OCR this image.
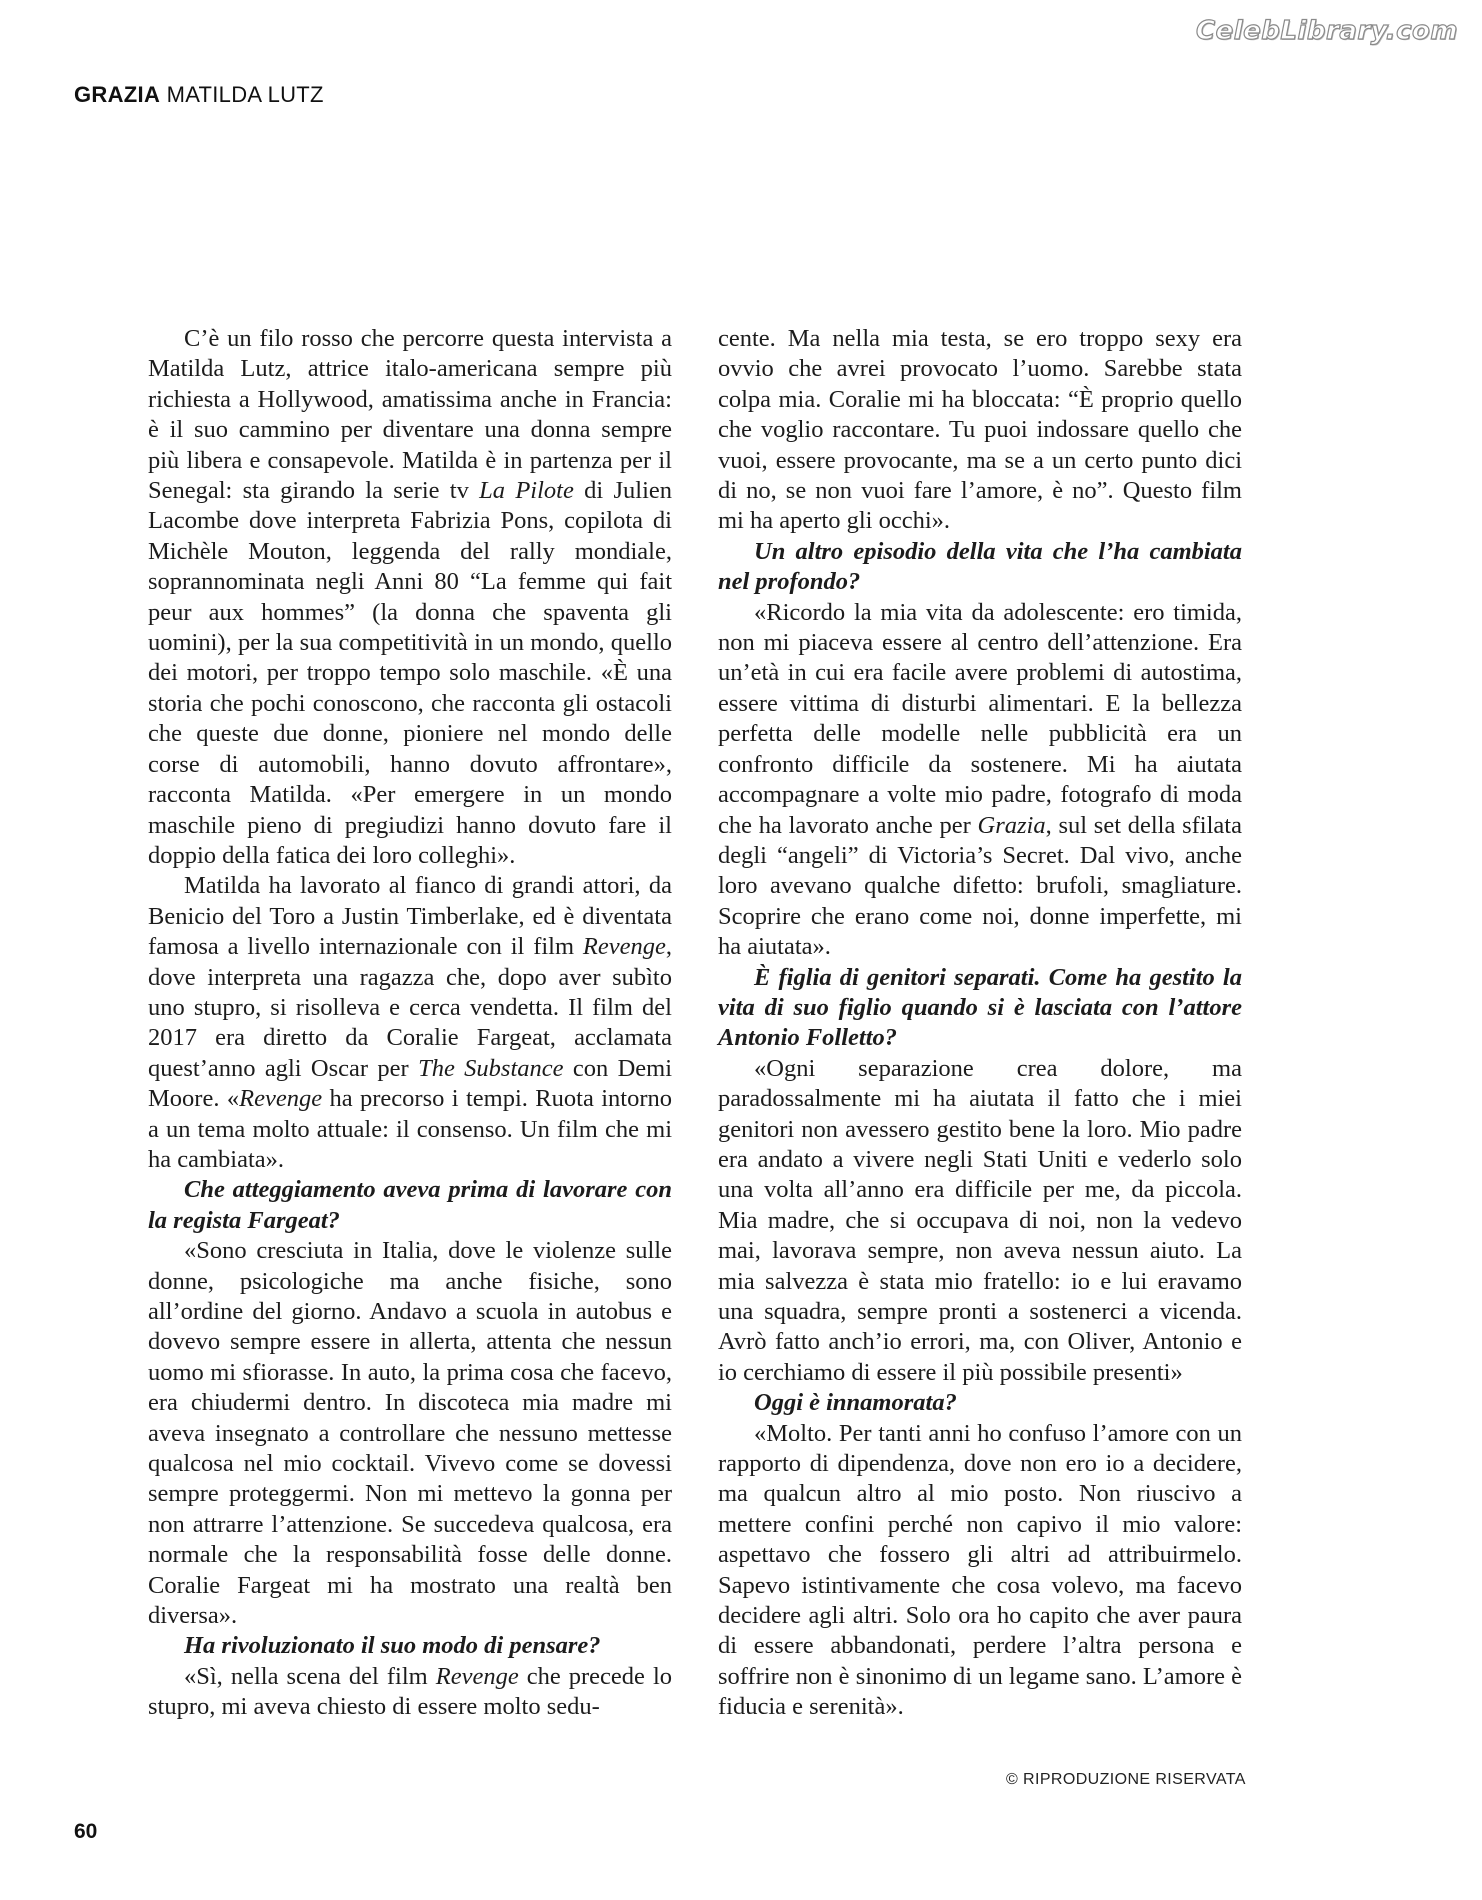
CelebLibrary.com
GRAZIA MATILDA LUTZ

C’è un filo rosso che percorre questa intervista a Matilda Lutz, attrice italo-americana sempre più richiesta a Hollywood, amatissima anche in Francia: è il suo cammino per diventare una donna sempre più libera e consapevole. Matilda è in partenza per il Senegal: sta girando la serie tv La Pilote di Julien Lacombe dove interpreta Fabrizia Pons, copilota di Michèle Mouton, leggenda del rally mondiale, soprannominata negli Anni 80 “La femme qui fait peur aux hommes” (la donna che spaventa gli uomini), per la sua competitività in un mondo, quello dei motori, per troppo tempo solo maschile. «È una storia che pochi conoscono, che racconta gli ostacoli che queste due donne, pioniere nel mondo delle corse di automobili, hanno dovuto affrontare», racconta Matilda. «Per emergere in un mondo maschile pieno di pregiudizi hanno dovuto fare il doppio della fatica dei loro colleghi».

Matilda ha lavorato al fianco di grandi attori, da Benicio del Toro a Justin Timberlake, ed è diventata famosa a livello internazionale con il film Revenge, dove interpreta una ragazza che, dopo aver subìto uno stupro, si risolleva e cerca vendetta. Il film del 2017 era diretto da Coralie Fargeat, acclamata quest’anno agli Oscar per The Substance con Demi Moore. «Revenge ha precorso i tempi. Ruota intorno a un tema molto attuale: il consenso. Un film che mi ha cambiata».

Che atteggiamento aveva prima di lavorare con la regista Fargeat?

«Sono cresciuta in Italia, dove le violenze sulle donne, psicologiche ma anche fisiche, sono all’ordine del giorno. Andavo a scuola in autobus e dovevo sempre essere in allerta, attenta che nessun uomo mi sfiorasse. In auto, la prima cosa che facevo, era chiudermi dentro. In discoteca mia madre mi aveva insegnato a controllare che nessuno mettesse qualcosa nel mio cocktail. Vivevo come se dovessi sempre proteggermi. Non mi mettevo la gonna per non attrarre l’attenzione. Se succedeva qualcosa, era normale che la responsabilità fosse delle donne. Coralie Fargeat mi ha mostrato una realtà ben diversa».

Ha rivoluzionato il suo modo di pensare?

«Sì, nella scena del film Revenge che precede lo stupro, mi aveva chiesto di essere molto sedu-

cente. Ma nella mia testa, se ero troppo sexy era ovvio che avrei provocato l’uomo. Sarebbe stata colpa mia. Coralie mi ha bloccata: “È proprio quello che voglio raccontare. Tu puoi indossare quello che vuoi, essere provocante, ma se a un certo punto dici di no, se non vuoi fare l’amore, è no”. Questo film mi ha aperto gli occhi».

Un altro episodio della vita che l’ha cambiata nel profondo?

«Ricordo la mia vita da adolescente: ero timida, non mi piaceva essere al centro dell’attenzione. Era un’età in cui era facile avere problemi di autostima, essere vittima di disturbi alimentari. E la bellezza perfetta delle modelle nelle pubblicità era un confronto difficile da sostenere. Mi ha aiutata accompagnare a volte mio padre, fotografo di moda che ha lavorato anche per Grazia, sul set della sfilata degli “angeli” di Victoria’s Secret. Dal vivo, anche loro avevano qualche difetto: brufoli, smagliature. Scoprire che erano come noi, donne imperfette, mi ha aiutata».

È figlia di genitori separati. Come ha gestito la vita di suo figlio quando si è lasciata con l’attore Antonio Folletto?

«Ogni separazione crea dolore, ma paradossalmente mi ha aiutata il fatto che i miei genitori non avessero gestito bene la loro. Mio padre era andato a vivere negli Stati Uniti e vederlo solo una volta all’anno era difficile per me, da piccola. Mia madre, che si occupava di noi, non la vedevo mai, lavorava sempre, non aveva nessun aiuto. La mia salvezza è stata mio fratello: io e lui eravamo una squadra, sempre pronti a sostenerci a vicenda. Avrò fatto anch’io errori, ma, con Oliver, Antonio e io cerchiamo di essere il più possibile presenti»

Oggi è innamorata?

«Molto. Per tanti anni ho confuso l’amore con un rapporto di dipendenza, dove non ero io a decidere, ma qualcun altro al mio posto. Non riuscivo a mettere confini perché non capivo il mio valore: aspettavo che fossero gli altri ad attribuirmelo. Sapevo istintivamente che cosa volevo, ma facevo decidere agli altri. Solo ora ho capito che aver paura di essere abbandonati, perdere l’altra persona e soffrire non è sinonimo di un legame sano. L’amore è fiducia e serenità».

© RIPRODUZIONE RISERVATA
60
